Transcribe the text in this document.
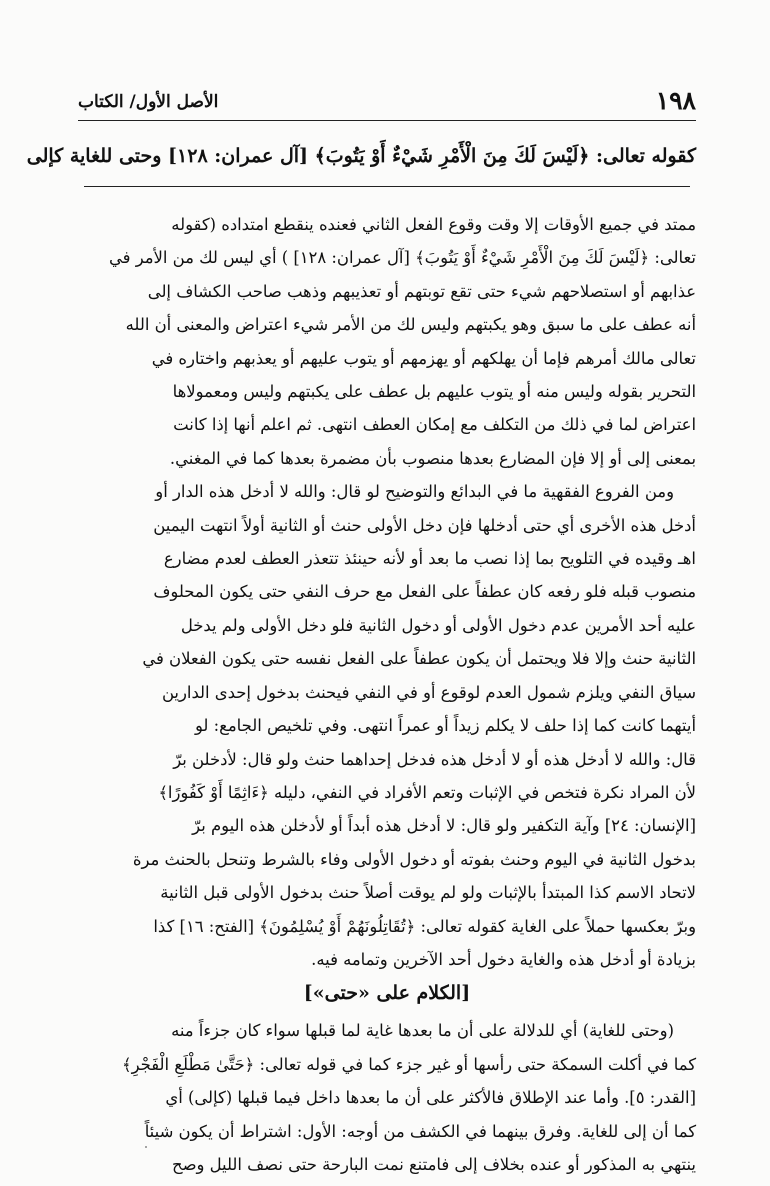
١٩٨
الأصل الأول/ الكتاب
كقوله تعالى: ﴿لَيْسَ لَكَ مِنَ الْأَمْرِ شَيْءٌ أَوْ يَتُوبَ﴾ [آل عمران: ١٢٨] وحتى للغاية كإلى

ممتد في جميع الأوقات إلا وقت وقوع الفعل الثاني فعنده ينقطع امتداده (كقوله

تعالى: ﴿لَيْسَ لَكَ مِنَ الْأَمْرِ شَيْءٌ أَوْ يَتُوبَ﴾ [آل عمران: ١٢٨] ) أي ليس لك من الأمر في

عذابهم أو استصلاحهم شيء حتى تقع توبتهم أو تعذيبهم وذهب صاحب الكشاف إلى

أنه عطف على ما سبق وهو يكبتهم وليس لك من الأمر شيء اعتراض والمعنى أن الله

تعالى مالك أمرهم فإما أن يهلكهم أو يهزمهم أو يتوب عليهم أو يعذبهم واختاره في

التحرير بقوله وليس منه أو يتوب عليهم بل عطف على يكبتهم وليس ومعمولاها

اعتراض لما في ذلك من التكلف مع إمكان العطف انتهى. ثم اعلم أنها إذا كانت

بمعنى إلى أو إلا فإن المضارع بعدها منصوب بأن مضمرة بعدها كما في المغني.

ومن الفروع الفقهية ما في البدائع والتوضيح لو قال: والله لا أدخل هذه الدار أو

أدخل هذه الأخرى أي حتى أدخلها فإن دخل الأولى حنث أو الثانية أولاً انتهت اليمين

اهـ وقيده في التلويح بما إذا نصب ما بعد أو لأنه حينئذ تتعذر العطف لعدم مضارع

منصوب قبله فلو رفعه كان عطفاً على الفعل مع حرف النفي حتى يكون المحلوف

عليه أحد الأمرين عدم دخول الأولى أو دخول الثانية فلو دخل الأولى ولم يدخل

الثانية حنث وإلا فلا ويحتمل أن يكون عطفاً على الفعل نفسه حتى يكون الفعلان في

سياق النفي ويلزم شمول العدم لوقوع أو في النفي فيحنث بدخول إحدى الدارين

أيتهما كانت كما إذا حلف لا يكلم زيداً أو عمراً انتهى. وفي تلخيص الجامع: لو

قال: والله لا أدخل هذه أو لا أدخل هذه فدخل إحداهما حنث ولو قال: لأدخلن برّ

لأن المراد نكرة فتخص في الإثبات وتعم الأفراد في النفي، دليله ﴿ءَاثِمًا أَوْ كَفُورًا﴾

[الإنسان: ٢٤] وآية التكفير ولو قال: لا أدخل هذه أبداً أو لأدخلن هذه اليوم برّ

بدخول الثانية في اليوم وحنث بفوته أو دخول الأولى وفاء بالشرط وتنحل بالحنث مرة

لاتحاد الاسم كذا المبتدأ بالإثبات ولو لم يوقت أصلاً حنث بدخول الأولى قبل الثانية

وبرّ بعكسها حملاً على الغاية كقوله تعالى: ﴿تُقَاتِلُونَهُمْ أَوْ يُسْلِمُونَ﴾ [الفتح: ١٦] كذا

بزيادة أو أدخل هذه والغاية دخول أحد الآخرين وتمامه فيه.

[الكلام على «حتى»]

(وحتى للغاية) أي للدلالة على أن ما بعدها غاية لما قبلها سواء كان جزءاً منه

كما في أكلت السمكة حتى رأسها أو غير جزء كما في قوله تعالى: ﴿حَتَّىٰ مَطْلَعِ الْفَجْرِ﴾

[القدر: ٥]. وأما عند الإطلاق فالأكثر على أن ما بعدها داخل فيما قبلها (كإلى) أي

كما أن إلى للغاية. وفرق بينهما في الكشف من أوجه: الأول: اشتراط أن يكون شيئاً

ينتهي به المذكور أو عنده بخلاف إلى فامتنع نمت البارحة حتى نصف الليل وصح
